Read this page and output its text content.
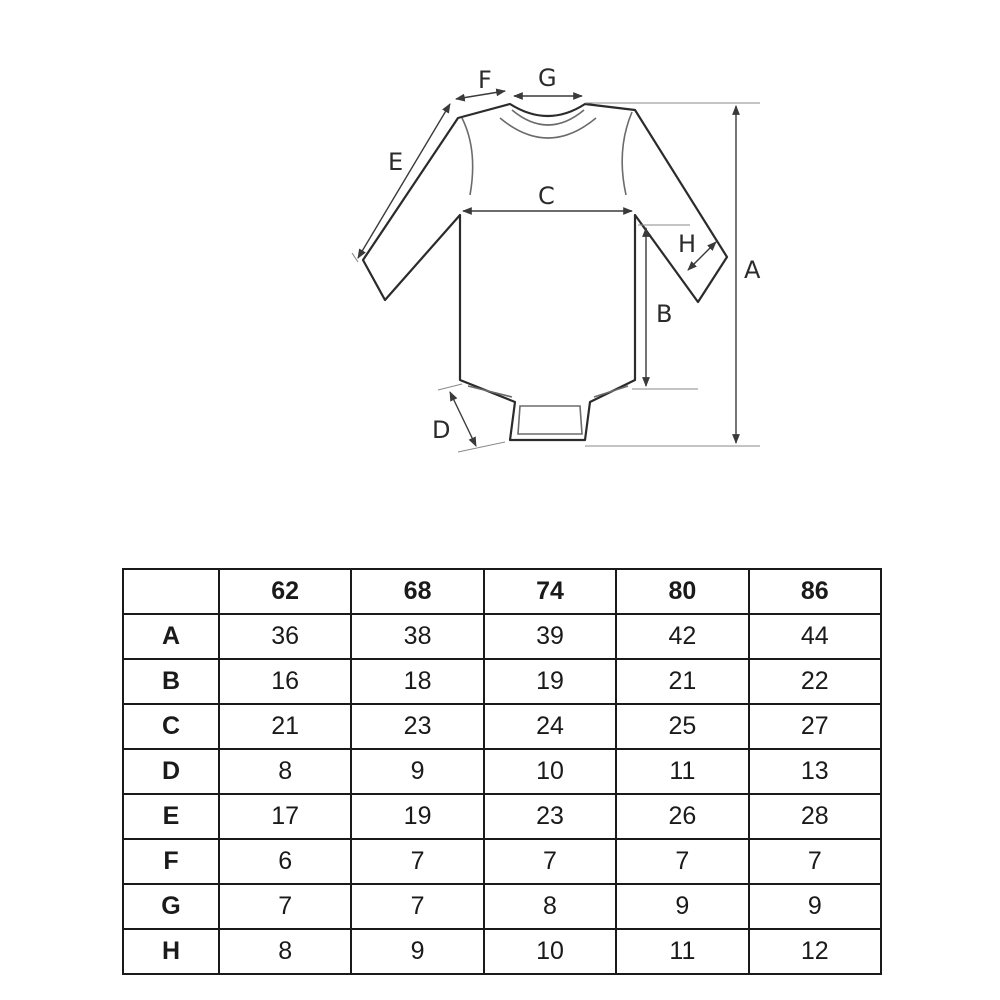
A
B
C
D
E
F G
H
	62	68	74	80	86
A	36	38	39	42	44
B	16	18	19	21	22
C	21	23	24	25	27
D	8	9	10	11	13
E	17	19	23	26	28
F	6	7	7	7	7
G	7	7	8	9	9
H	8	9	10	11	12
